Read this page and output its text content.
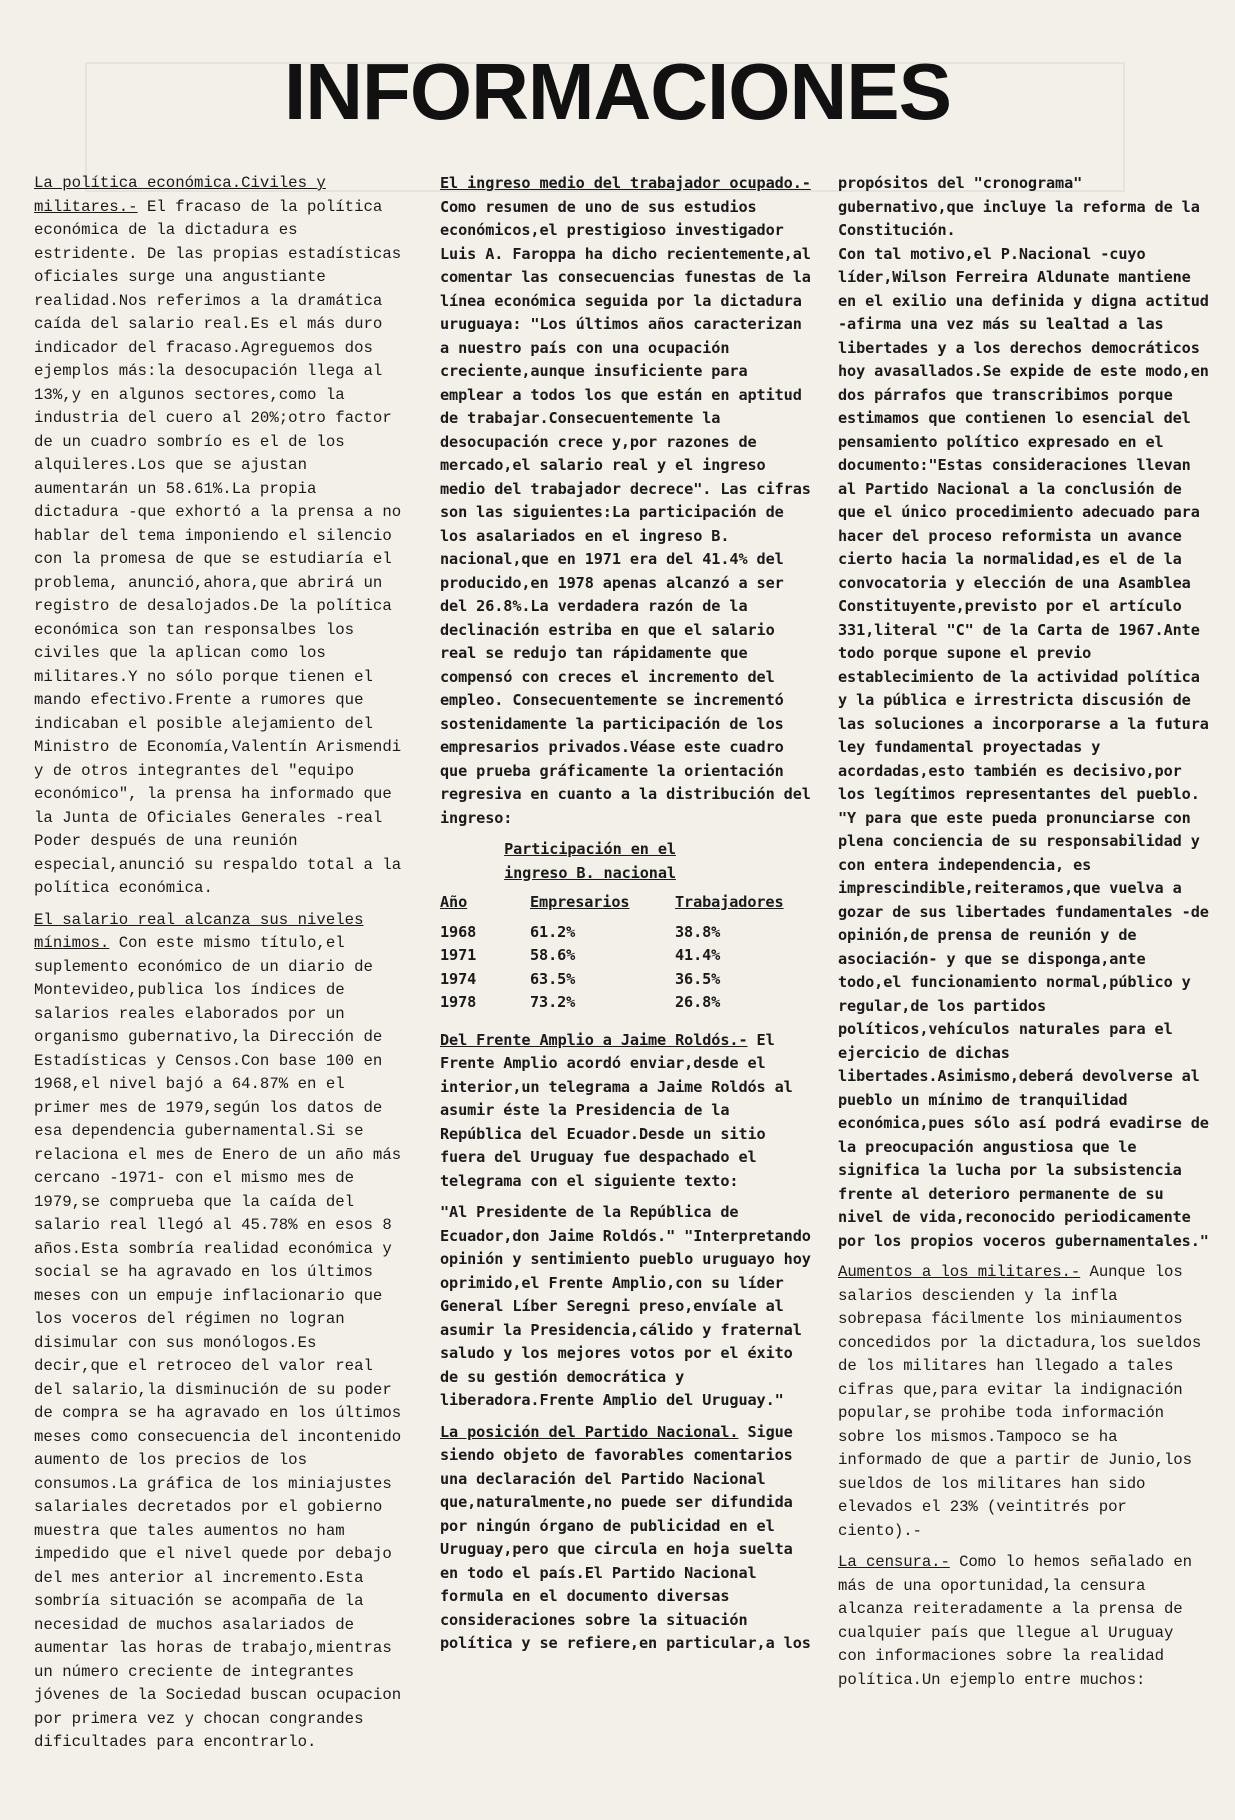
INFORMACIONES

La política económica.Civiles y militares.- El fracaso de la política económica de la dictadura es estridente. De las propias estadísticas oficiales surge una angustiante realidad.Nos referimos a la dramática caída del salario real.Es el más duro indicador del fracaso.Agreguemos dos ejemplos más:la desocupación llega al 13%,y en algunos sectores,como la industria del cuero al 20%;otro factor de un cuadro sombrío es el de los alquileres.Los que se ajustan aumentarán un 58.61%.La propia dictadura -que exhortó a la prensa a no hablar del tema imponiendo el silencio con la promesa de que se estudiaría el problema, anunció,ahora,que abrirá un registro de desalojados.De la política económica son tan responsalbes los civiles que la aplican como los militares.Y no sólo porque tienen el mando efectivo.Frente a rumores que indicaban el posible alejamiento del Ministro de Economía,Valentín Arismendi y de otros integrantes del "equipo económico", la prensa ha informado que la Junta de Oficiales Generales -real Poder después de una reunión especial,anunció su respaldo total a la política económica.

El salario real alcanza sus niveles mínimos. Con este mismo título,el suplemento económico de un diario de Montevideo,publica los índices de salarios reales elaborados por un organismo gubernativo,la Dirección de Estadísticas y Censos.Con base 100 en 1968,el nivel bajó a 64.87% en el primer mes de 1979,según los datos de esa dependencia gubernamental.Si se relaciona el mes de Enero de un año más cercano -1971- con el mismo mes de 1979,se comprueba que la caída del salario real llegó al 45.78% en esos 8 años.Esta sombría realidad económica y social se ha agravado en los últimos meses con un empuje inflacionario que los voceros del régimen no logran disimular con sus monólogos.Es decir,que el retroceo del valor real del salario,la disminución de su poder de compra se ha agravado en los últimos meses como consecuencia del incontenido aumento de los precios de los consumos.La gráfica de los miniajustes salariales decretados por el gobierno muestra que tales aumentos no ham impedido que el nivel quede por debajo del mes anterior al incremento.Esta sombría situación se acompaña de la necesidad de muchos asalariados de aumentar las horas de trabajo,mientras un número creciente de integrantes jóvenes de la Sociedad buscan ocupacion por primera vez y chocan congrandes dificultades para encontrarlo.

El ingreso medio del trabajador ocupado.- Como resumen de uno de sus estudios económicos,el prestigioso investigador Luis A. Faroppa ha dicho recientemente,al comentar las consecuencias funestas de la línea económica seguida por la dictadura uruguaya: "Los últimos años caracterizan a nuestro país con una ocupación creciente,aunque insuficiente para emplear a todos los que están en aptitud de trabajar.Consecuentemente la desocupación crece y,por razones de mercado,el salario real y el ingreso medio del trabajador decrece". Las cifras son las siguientes:La participación de los asalariados en el ingreso B. nacional,que en 1971 era del 41.4% del producido,en 1978 apenas alcanzó a ser del 26.8%.La verdadera razón de la declinación estriba en que el salario real se redujo tan rápidamente que compensó con creces el incremento del empleo. Consecuentemente se incrementó sostenidamente la participación de los empresarios privados.Véase este cuadro que prueba gráficamente la orientación regresiva en cuanto a la distribución del ingreso:

Participación en el
ingreso B. nacional
Año	Empresarios	Trabajadores
1968	61.2%	38.8%
1971	58.6%	41.4%
1974	63.5%	36.5%
1978	73.2%	26.8%

Del Frente Amplio a Jaime Roldós.- El Frente Amplio acordó enviar,desde el interior,un telegrama a Jaime Roldós al asumir éste la Presidencia de la República del Ecuador.Desde un sitio fuera del Uruguay fue despachado el telegrama con el siguiente texto:

"Al Presidente de la República de Ecuador,don Jaime Roldós." "Interpretando opinión y sentimiento pueblo uruguayo hoy oprimido,el Frente Amplio,con su líder General Líber Seregni preso,envíale al asumir la Presidencia,cálido y fraternal saludo y los mejores votos por el éxito de su gestión democrática y liberadora.Frente Amplio del Uruguay."

La posición del Partido Nacional. Sigue siendo objeto de favorables comentarios una declaración del Partido Nacional que,naturalmente,no puede ser difundida por ningún órgano de publicidad en el Uruguay,pero que circula en hoja suelta en todo el país.El Partido Nacional formula en el documento diversas consideraciones sobre la situación política y se refiere,en particular,a los

propósitos del "cronograma" gubernativo,que incluye la reforma de la Constitución.

Con tal motivo,el P.Nacional -cuyo líder,Wilson Ferreira Aldunate mantiene en el exilio una definida y digna actitud -afirma una vez más su lealtad a las libertades y a los derechos democráticos hoy avasallados.Se expide de este modo,en dos párrafos que transcribimos porque estimamos que contienen lo esencial del pensamiento político expresado en el documento:"Estas consideraciones llevan al Partido Nacional a la conclusión de que el único procedimiento adecuado para hacer del proceso reformista un avance cierto hacia la normalidad,es el de la convocatoria y elección de una Asamblea Constituyente,previsto por el artículo 331,literal "C" de la Carta de 1967.Ante todo porque supone el previo establecimiento de la actividad política y la pública e irrestricta discusión de las soluciones a incorporarse a la futura ley fundamental proyectadas y acordadas,esto también es decisivo,por los legítimos representantes del pueblo.

"Y para que este pueda pronunciarse con plena conciencia de su responsabilidad y con entera independencia, es imprescindible,reiteramos,que vuelva a gozar de sus libertades fundamentales -de opinión,de prensa de reunión y de asociación- y que se disponga,ante todo,el funcionamiento normal,público y regular,de los partidos políticos,vehículos naturales para el ejercicio de dichas libertades.Asimismo,deberá devolverse al pueblo un mínimo de tranquilidad económica,pues sólo así podrá evadirse de la preocupación angustiosa que le significa la lucha por la subsistencia frente al deterioro permanente de su nivel de vida,reconocido periodicamente por los propios voceros gubernamentales."

Aumentos a los militares.- Aunque los salarios descienden y la infla sobrepasa fácilmente los miniaumentos concedidos por la dictadura,los sueldos de los militares han llegado a tales cifras que,para evitar la indignación popular,se prohibe toda información sobre los mismos.Tampoco se ha informado de que a partir de Junio,los sueldos de los militares han sido elevados el 23% (veintitrés por ciento).-

La censura.- Como lo hemos señalado en más de una oportunidad,la censura alcanza reiteradamente a la prensa de cualquier país que llegue al Uruguay con informaciones sobre la realidad política.Un ejemplo entre muchos:
